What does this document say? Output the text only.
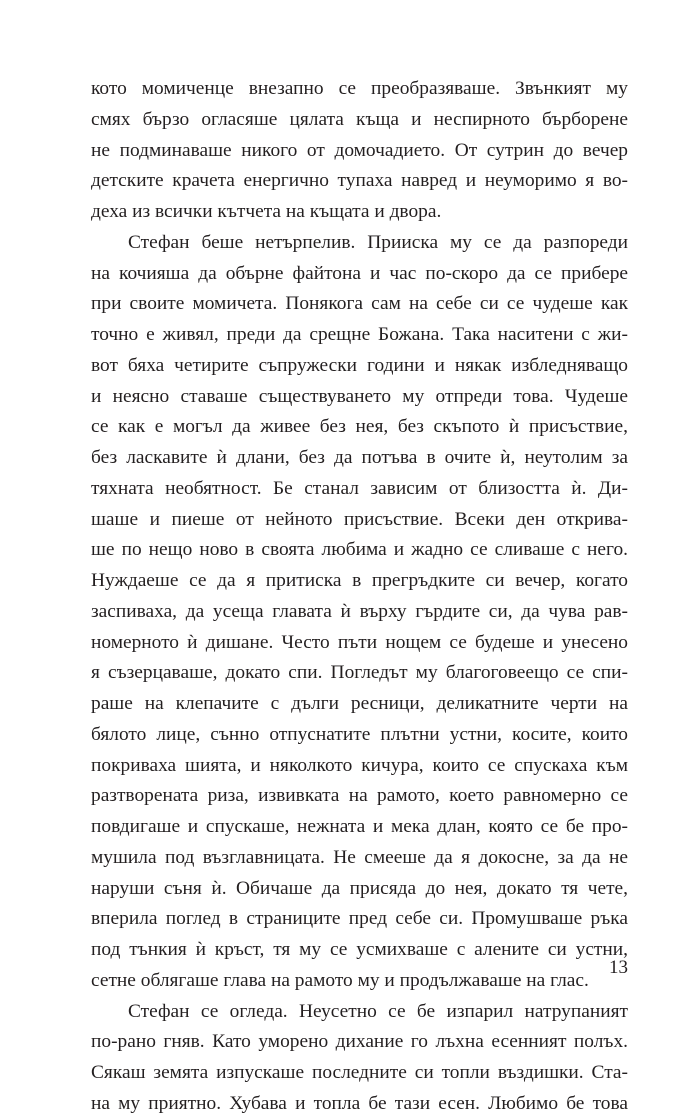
кото момиченце внезапно се преобразяваше. Звънкият му
смях бързо огласяше цялата къща и неспирното бърборене
не подминаваше никого от домочадието. От сутрин до вечер
детските крачета енергично тупаха навред и неуморимо я во-
деха из всички кътчета на къщата и двора.
Стефан беше нетърпелив. Прииска му се да разпореди
на кочияша да обърне файтона и час по-скоро да се прибере
при своите момичета. Понякога сам на себе си се чудеше как
точно е живял, преди да срещне Божана. Така наситени с жи-
вот бяха четирите съпружески години и някак избледняващо
и неясно ставаше съществуването му отпреди това. Чудеше
се как е могъл да живее без нея, без скъпото ѝ присъствие,
без ласкавите ѝ длани, без да потъва в очите ѝ, неутолим за
тяхната необятност. Бе станал зависим от близостта ѝ. Ди-
шаше и пиеше от нейното присъствие. Всеки ден открива-
ше по нещо ново в своята любима и жадно се сливаше с него.
Нуждаеше се да я притиска в прегръдките си вечер, когато
заспиваха, да усеща главата ѝ върху гърдите си, да чува рав-
номерното ѝ дишане. Често пъти нощем се будеше и унесено
я съзерцаваше, докато спи. Погледът му благоговеещо се спи-
раше на клепачите с дълги ресници, деликатните черти на
бялото лице, сънно отпуснатите плътни устни, косите, които
покриваха шията, и няколкото кичура, които се спускаха към
разтворената риза, извивката на рамото, което равномерно се
повдигаше и спускаше, нежната и мека длан, която се бе про-
мушила под възглавницата. Не смееше да я докосне, за да не
наруши съня ѝ. Обичаше да присяда до нея, докато тя чете,
вперила поглед в страниците пред себе си. Промушваше ръка
под тънкия ѝ кръст, тя му се усмихваше с алените си устни,
сетне облягаше глава на рамото му и продължаваше на глас.
Стефан се огледа. Неусетно се бе изпарил натрупаният
по-рано гняв. Като уморено дихание го лъхна есенният полъх.
Сякаш земята изпускаше последните си топли въздишки. Ста-
на му приятно. Хубава и топла бе тази есен. Любимо бе това
13
